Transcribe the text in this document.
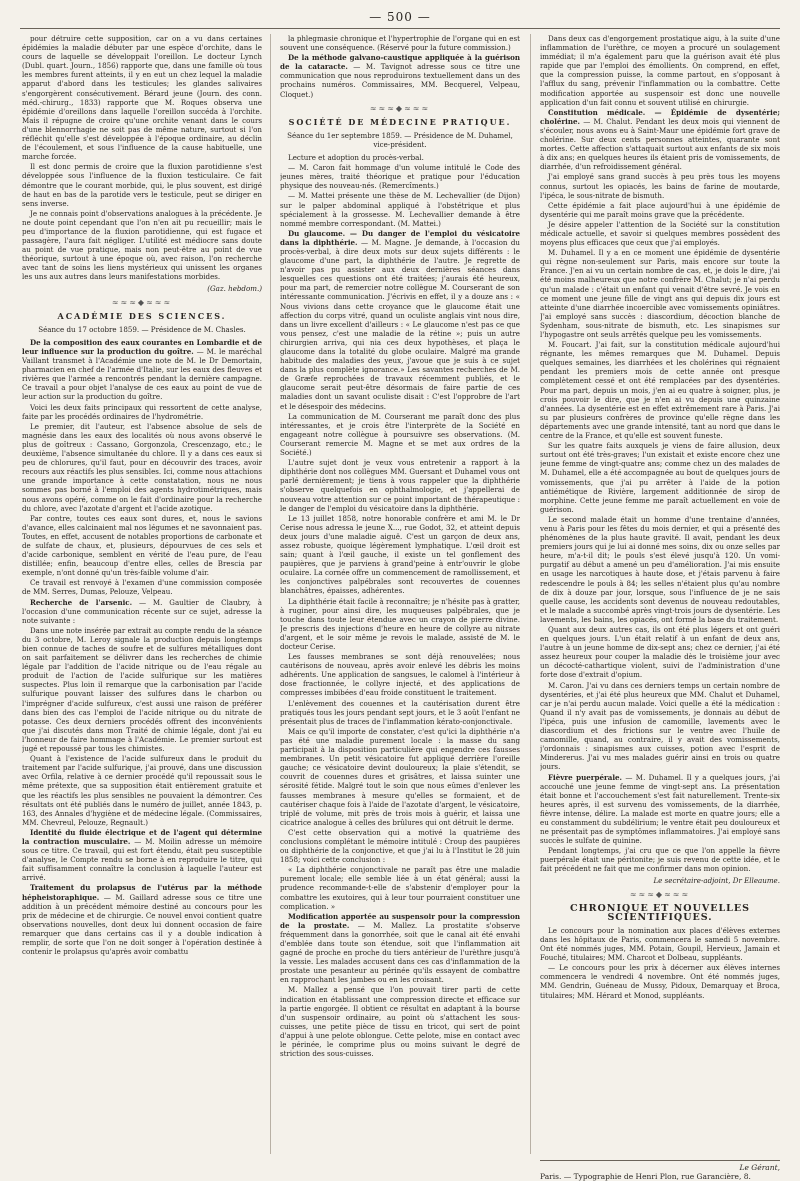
— 500 —

pour détruire cette supposition, car on a vu dans certaines épidémies la maladie débuter par une espèce d'orchite, dans le cours de laquelle se développait l'oreillon. Le docteur Lynch (Dubl. quart. Journ., 1856) rapporte que, dans une famille où tous les membres furent atteints, il y en eut un chez lequel la maladie apparut d'abord dans les testicules; les glandes salivaires s'engorgèrent consécutivement. Bérard jeune (Journ. des conn. méd.-chirurg., 1833) rapporte que M. Roques observa une épidémie d'oreillons dans laquelle l'oreillon succéda à l'orchite. Mais il répugne de croire qu'une orchite venant dans le cours d'une blennorrhagie ne soit pas de même nature, surtout si l'on réfléchit qu'elle s'est développée à l'époque ordinaire, au déclin de l'écoulement, et sous l'influence de la cause habituelle, une marche forcée.

Il est donc permis de croire que la fluxion parotidienne s'est développée sous l'influence de la fluxion testiculaire. Ce fait démontre que le courant morbide, qui, le plus souvent, est dirigé de haut en bas de la parotide vers le testicule, peut se diriger en sens inverse.

Je ne connais point d'observations analogues à la précédente. Je ne doute point cependant que l'on n'en ait pu recueillir; mais le peu d'importance de la fluxion parotidienne, qui est fugace et passagère, l'aura fait négliger. L'utilité est médiocre sans doute au point de vue pratique, mais non peut-être au point de vue théorique, surtout à une époque où, avec raison, l'on recherche avec tant de soins les liens mystérieux qui unissent les organes les uns aux autres dans leurs manifestations morbides.

(Gaz. hebdom.)
≈≈≈◆≈≈≈
ACADÉMIE DES SCIENCES.
Séance du 17 octobre 1859. — Présidence de M. Chasles.

De la composition des eaux courantes en Lombardie et de leur influence sur la production du goître. — M. le maréchal Vaillant transmet à l'Académie une note de M. le Dr Demortain, pharmacien en chef de l'armée d'Italie, sur les eaux des fleuves et rivières que l'armée a rencontrés pendant la dernière campagne. Ce travail a pour objet l'analyse de ces eaux au point de vue de leur action sur la production du goître.

Voici les deux faits principaux qui ressortent de cette analyse, faite par les procédés ordinaires de l'hydrométrie.

Le premier, dit l'auteur, est l'absence absolue de sels de magnésie dans les eaux des localités où nous avons observé le plus de goîtreux : Cassano, Gorgonzola, Crescenzago, etc.; le deuxième, l'absence simultanée du chlore. Il y a dans ces eaux si peu de chlorures, qu'il faut, pour en découvrir des traces, avoir recours aux réactifs les plus sensibles. Ici, comme nous attachions une grande importance à cette constatation, nous ne nous sommes pas borné à l'emploi des agents hydrotimétriques, mais nous avons opéré, comme on le fait d'ordinaire pour la recherche du chlore, avec l'azotate d'argent et l'acide azotique.

Par contre, toutes ces eaux sont dures, et, nous le savions d'avance, elles calcinaient mal nos légumes et ne savonnaient pas. Toutes, en effet, accusent de notables proportions de carbonate et de sulfate de chaux, et, plusieurs, dépourvues de ces sels et d'acide carbonique, semblent en vérité de l'eau pure, de l'eau distillée; enfin, beaucoup d'entre elles, celles de Brescia par exemple, n'ont donné qu'un très-faible volume d'air.

Ce travail est renvoyé à l'examen d'une commission composée de MM. Serres, Dumas, Pelouze, Velpeau.

Recherche de l'arsenic. — M. Gaultier de Claubry, à l'occasion d'une communication récente sur ce sujet, adresse la note suivante :

Dans une note insérée par extrait au compte rendu de la séance du 3 octobre, M. Leroy signale la production depuis longtemps bien connue de taches de soufre et de sulfures métalliques dont on sait parfaitement se délivrer dans les recherches de chimie légale par l'addition de l'acide nitrique ou de l'eau régale au produit de l'action de l'acide sulfurique sur les matières suspectes. Plus loin il remarque que la carbonisation par l'acide sulfurique pouvant laisser des sulfures dans le charbon ou l'imprégner d'acide sulfureux, c'est aussi une raison de préférer dans bien des cas l'emploi de l'acide nitrique ou du nitrate de potasse. Ces deux derniers procédés offrent des inconvénients que j'ai discutés dans mon Traité de chimie légale, dont j'ai eu l'honneur de faire hommage à l'Académie. Le premier surtout est jugé et repoussé par tous les chimistes.

Quant à l'existence de l'acide sulfureux dans le produit du traitement par l'acide sulfurique, j'ai prouvé, dans une discussion avec Orfila, relative à ce dernier procédé qu'il repoussait sous le même prétexte, que sa supposition était entièrement gratuite et que les réactifs les plus sensibles ne pouvaient la démontrer. Ces résultats ont été publiés dans le numéro de juillet, année 1843, p. 163, des Annales d'hygiène et de médecine légale. (Commissaires, MM. Chevreul, Pelouze, Regnault.)

Identité du fluide électrique et de l'agent qui détermine la contraction musculaire. — M. Moilin adresse un mémoire sous ce titre. Ce travail, qui est fort étendu, était peu susceptible d'analyse, le Compte rendu se borne à en reproduire le titre, qui fait suffisamment connaître la conclusion à laquelle l'auteur est arrivé.

Traitement du prolapsus de l'utérus par la méthode hépheistoraphique. — M. Gaillard adresse sous ce titre une addition à un précédent mémoire destiné au concours pour les prix de médecine et de chirurgie. Ce nouvel envoi contient quatre observations nouvelles, dont deux lui donnent occasion de faire remarquer que dans certains cas il y a double indication à remplir, de sorte que l'on ne doit songer à l'opération destinée à contenir le prolapsus qu'après avoir combattu

la phlegmasie chronique et l'hypertrophie de l'organe qui en est souvent une conséquence. (Réservé pour la future commission.)

De la méthode galvano-caustique appliquée à la guérison de la cataracte. — M. Tavignot adresse sous ce titre une communication que nous reproduirons textuellement dans un des prochains numéros. Commissaires, MM. Becquerel, Velpeau, Cloquet.)

≈≈≈◆≈≈≈
SOCIÉTÉ DE MÉDECINE PRATIQUE.
Séance du 1er septembre 1859. — Présidence de M. Duhamel, vice-président.

Lecture et adoption du procès-verbal.

— M. Caron fait hommage d'un volume intitulé le Code des jeunes mères, traité théorique et pratique pour l'éducation physique des nouveau-nés. (Remercîments.)

— M. Mattei présente une thèse de M. Lechevallier (de Dijon) sur le palper abdominal appliqué à l'obstétrique et plus spécialement à la grossesse. M. Lechevallier demande à être nommé membre correspondant. (M. Mattei.)

Du glaucome. — Du danger de l'emploi du vésicatoire dans la diphthérie. — M. Magne. Je demande, à l'occasion du procès-verbal, à dire deux mots sur deux sujets différents : le glaucome d'une part, la diphthérie de l'autre. Je regrette de n'avoir pas pu assister aux deux dernières séances dans lesquelles ces questions ont été traitées; j'aurais été heureux, pour ma part, de remercier notre collègue M. Courserant de son intéressante communication. J'écrivis en effet, il y a douze ans : « Nous vivions dans cette croyance que le glaucome était une affection du corps vitré, quand un oculiste anglais vint nous dire, dans un livre excellent d'ailleurs : « Le glaucome n'est pas ce que vous pensez, c'est une maladie de la rétine »; puis un autre chirurgien arriva, qui nia ces deux hypothèses, et plaça le glaucome dans la totalité du globe oculaire. Malgré ma grande habitude des maladies des yeux, j'avoue que je suis à ce sujet dans la plus complète ignorance.» Les savantes recherches de M. de Græfe reprochées de travaux récemment publiés, et le glaucome serait peut-être désormais de faire partie de ces maladies dont un savant oculiste disait : C'est l'opprobre de l'art et le désespoir des médecins.

La communication de M. Courserant me paraît donc des plus intéressantes, et je crois être l'interprète de la Société en engageant notre collègue à poursuivre ses observations. (M. Courserant remercie M. Magne et se met aux ordres de la Société.)

L'autre sujet dont je veux vous entretenir a rapport à la diphthérie dont nos collègues MM. Guersant et Duhamel vous ont parlé dernièrement; je tiens à vous rappeler que la diphthérie s'observe quelquefois en ophthalmologie, et j'appellerai de nouveau votre attention sur ce point important de thérapeutique : le danger de l'emploi du vésicatoire dans la diphthérie.

Le 13 juillet 1858, notre honorable confrère et ami M. le Dr Cerise nous adressa le jeune X..., rue Godot, 32, et atteint depuis deux jours d'une maladie aiguë. C'est un garçon de deux ans, assez robuste, quoique légèrement lymphatique. L'œil droit est sain; quant à l'œil gauche, il existe un tel gonflement des paupières, que je parviens à grand'peine à entr'ouvrir le globe oculaire. La cornée offre un commencement de ramollissement, et les conjonctives palpébrales sont recouvertes de couennes blanchâtres, épaisses, adhérentes.

La diphthérie était facile à reconnaître; je n'hésite pas à gratter, à ruginer, pour ainsi dire, les muqueuses palpébrales, que je touche dans toute leur étendue avec un crayon de pierre divine. Je prescris des injections d'heure en heure de collyre au nitrate d'argent, et le soir même je revois le malade, assisté de M. le docteur Cerise.

Les fausses membranes se sont déjà renouvelées; nous cautérisons de nouveau, après avoir enlevé les débris les moins adhérents. Une application de sangsues, le calomel à l'intérieur à dose fractionnée, le collyre injecté, et des applications de compresses imbibées d'eau froide constituent le traitement.

L'enlèvement des couennes et la cautérisation durent être pratiqués tous les jours pendant sept jours, et le 3 août l'enfant ne présentait plus de traces de l'inflammation kérato-conjonctivale.

Mais ce qu'il importe de constater, c'est qu'ici la diphthérie n'a pas été une maladie purement locale : la masse du sang participait à la disposition particulière qui engendre ces fausses membranes. Un petit vésicatoire fut appliqué derrière l'oreille gauche; ce vésicatoire devint douloureux; la plaie s'étendit, se couvrit de couennes dures et grisâtres, et laissa suinter une sérosité fétide. Malgré tout le soin que nous eûmes d'enlever les fausses membranes à mesure qu'elles se formaient, et de cautériser chaque fois à l'aide de l'azotate d'argent, le vésicatoire, triplé de volume, mit près de trois mois à guérir, et laissa une cicatrice analogue à celles des brûlures qui ont détruit le derme.

C'est cette observation qui a motivé la quatrième des conclusions complétant le mémoire intitulé : Croup des paupières ou diphthérie de la conjonctive, et que j'ai lu à l'Institut le 28 juin 1858; voici cette conclusion :

« La diphthérie conjonctivale ne paraît pas être une maladie purement locale; elle semble liée à un état général; aussi la prudence recommande-t-elle de s'abstenir d'employer pour la combattre les exutoires, qui à leur tour pourraient constituer une complication. »

Modification apportée au suspensoir pour la compression de la prostate. — M. Mallez. La prostatite s'observe fréquemment dans la gonorrhée, soit que le canal ait été envahi d'emblée dans toute son étendue, soit que l'inflammation ait gagné de proche en proche du tiers antérieur de l'urèthre jusqu'à la vessie. Les malades accusent dans ces cas d'inflammation de la prostate une pesanteur au périnée qu'ils essayent de combattre en rapprochant les jambes ou en les croisant.

M. Mallez a pensé que l'on pouvait tirer parti de cette indication en établissant une compression directe et efficace sur la partie engorgée. Il obtient ce résultat en adaptant à la bourse d'un suspensoir ordinaire, au point où s'attachent les sous-cuisses, une petite pièce de tissu en tricot, qui sert de point d'appui à une pelote oblongue. Cette pelote, mise en contact avec le périnée, le comprime plus ou moins suivant le degré de striction des sous-cuisses.

Dans deux cas d'engorgement prostatique aigu, à la suite d'une inflammation de l'urèthre, ce moyen a procuré un soulagement immédiat; il m'a également paru que la guérison avait été plus rapide que par l'emploi des émollients. On comprend, en effet, que la compression puisse, la comme partout, en s'opposant à l'afflux du sang, prévenir l'inflammation ou la combattre. Cette modification apportée au suspensoir est donc une nouvelle application d'un fait connu et souvent utilisé en chirurgie.

Constitution médicale. — Épidémie de dysentérie; cholérine. — M. Chalut. Pendant les deux mois qui viennent de s'écouler, nous avons eu à Saint-Maur une épidémie fort grave de cholérine. Sur deux cents personnes atteintes, quarante sont mortes. Cette affection s'attaquait surtout aux enfants de six mois à dix ans; en quelques heures ils étaient pris de vomissements, de diarrhée, d'un refroidissement général.

J'ai employé sans grand succès à peu près tous les moyens connus, surtout les opiacés, les bains de farine de moutarde, l'ipéca, le sous-nitrate de bismuth.

Cette épidémie a fait place aujourd'hui à une épidémie de dysentérie qui me paraît moins grave que la précédente.

Je désire appeler l'attention de la Société sur la constitution médicale actuelle, et savoir si quelques membres possèdent des moyens plus efficaces que ceux que j'ai employés.

M. Duhamel. Il y a en ce moment une épidémie de dysentérie qui règne non-seulement sur Paris, mais encore sur toute la France. J'en ai vu un certain nombre de cas, et, je dois le dire, j'ai été moins malheureux que notre confrère M. Chalut; je n'ai perdu qu'un malade : c'était un enfant qui venait d'être sevré. Je vois en ce moment une jeune fille de vingt ans qui depuis dix jours est atteinte d'une diarrhée incoercible avec vomissements opiniâtres. J'ai employé sans succès : diascordium, décoction blanche de Sydenham, sous-nitrate de bismuth, etc. Les sinapismes sur l'hypogastre ont seuls arrêtés quelque peu les vomissements.

M. Foucart. J'ai fait, sur la constitution médicale aujourd'hui régnante, les mêmes remarques que M. Duhamel. Depuis quelques semaines, les diarrhées et les cholérines qui régnaient pendant les premiers mois de cette année ont presque complètement cessé et ont été remplacées par des dysentéries. Pour ma part, depuis un mois, j'en ai eu quatre à soigner, plus, je crois pouvoir le dire, que je n'en ai vu depuis une quinzaine d'années. La dysentérie est en effet extrêmement rare à Paris. J'ai su par plusieurs confrères de province qu'elle règne dans les départements avec une grande intensité, tant au nord que dans le centre de la France, et qu'elle est souvent funeste.

Sur les quatre faits auxquels je viens de faire allusion, deux surtout ont été très-graves; l'un existait et existe encore chez une jeune femme de vingt-quatre ans; comme chez un des malades de M. Duhamel, elle a été accompagnée au bout de quelques jours de vomissements, que j'ai pu arrêter à l'aide de la potion antiémétique de Rivière, largement additionnée de sirop de morphine. Cette jeune femme me paraît actuellement en voie de guérison.

Le second malade était un homme d'une trentaine d'années, venu à Paris pour les fêtes du mois dernier, et qui a présenté des phénomènes de la plus haute gravité. Il avait, pendant les deux premiers jours qui je lui ai donné mes soins, dix ou onze selles par heure, m'a-t-il dit; le pouls s'est élevé jusqu'à 120. Un vomi-purgatif au début a amené un peu d'amélioration. J'ai mis ensuite en usage les narcotiques à haute dose, et j'étais parvenu à faire redescendre le pouls à 84; les selles n'étaient plus qu'au nombre de dix à douze par jour, lorsque, sous l'influence de je ne sais quelle cause, les accidents sont devenus de nouveau redoutables, et le malade a succombé après vingt-trois jours de dysentérie. Les lavements, les bains, les opiacés, ont formé la base du traitement.

Quant aux deux autres cas, ils ont été plus légers et ont guéri en quelques jours. L'un était relatif à un enfant de deux ans, l'autre à un jeune homme de dix-sept ans; chez ce dernier, j'ai été assez heureux pour couper la maladie dès le troisième jour avec un décocté-cathartique violent, suivi de l'administration d'une forte dose d'extrait d'opium.

M. Caron. J'ai vu dans ces derniers temps un certain nombre de dysentéries, et j'ai été plus heureux que MM. Chalut et Duhamel, car je n'ai perdu aucun malade. Voici quelle a été la médication : Quand il n'y avait pas de vomissements, je donnais au début de l'ipéca, puis une infusion de camomille, lavements avec le diascordium et des frictions sur le ventre avec l'huile de camomille, quand, au contraire, il y avait des vomissements, j'ordonnais : sinapismes aux cuisses, potion avec l'esprit de Mindererus. J'ai vu mes malades guérir ainsi en trois ou quatre jours.

Fièvre puerpérale. — M. Duhamel. Il y a quelques jours, j'ai accouché une jeune femme de vingt-sept ans. La présentation était bonne et l'accouchement s'est fait naturellement. Trente-six heures après, il est survenu des vomissements, de la diarrhée, fièvre intense, délire. La malade est morte en quatre jours; elle a eu constamment du subdélirium; le ventre était peu douloureux et ne présentait pas de symptômes inflammatoires. J'ai employé sans succès le sulfate de quinine.

Pendant longtemps, j'ai cru que ce que l'on appelle la fièvre puerpérale était une péritonite; je suis revenu de cette idée, et le fait précédent ne fait que me confirmer dans mon opinion.

Le secrétaire-adjoint, Dr Elleaume.
≈≈≈◆≈≈≈
CHRONIQUE ET NOUVELLES SCIENTIFIQUES.

Le concours pour la nomination aux places d'élèves externes dans les hôpitaux de Paris, commencera le samedi 5 novembre. Ont été nommés juges, MM. Potain, Goupil, Hervieux, Jamain et Fouché, titulaires; MM. Charcot et Dolbeau, suppléants.

— Le concours pour les prix à décerner aux élèves internes commencera le vendredi 4 novembre. Ont été nommés juges, MM. Gendrin, Guéneau de Mussy, Pidoux, Demarquay et Broca, titulaires; MM. Hérard et Monod, suppléants.

Le Gérant,
Paris. — Typographie de Henri Plon, rue Garancière, 8.
